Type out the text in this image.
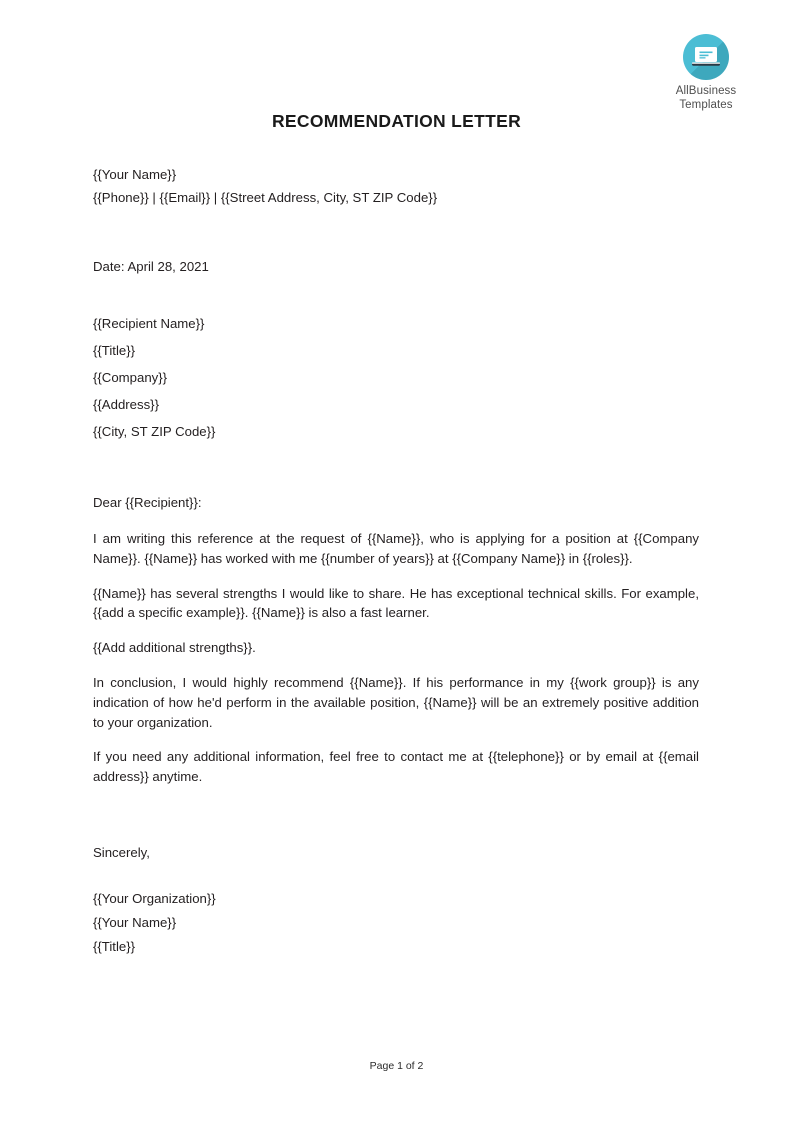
AllBusiness
Templates
RECOMMENDATION LETTER

{{Your Name}}

{{Phone}} | {{Email}} | {{Street Address, City, ST ZIP Code}}

Date: April 28, 2021

{{Recipient Name}}

{{Title}}

{{Company}}

{{Address}}

{{City, ST ZIP Code}}

Dear {{Recipient}}:

I am writing this reference at the request of {{Name}}, who is applying for a position at {{Company Name}}. {{Name}} has worked with me {{number of years}} at {{Company Name}} in {{roles}}.

{{Name}} has several strengths I would like to share. He has exceptional technical skills. For example, {{add a specific example}}. {{Name}} is also a fast learner.

{{Add additional strengths}}.

In conclusion, I would highly recommend {{Name}}. If his performance in my {{work group}} is any indication of how he'd perform in the available position, {{Name}} will be an extremely positive addition to your organization.

If you need any additional information, feel free to contact me at {{telephone}} or by email at {{email address}} anytime.

Sincerely,

{{Your Organization}}

{{Your Name}}

{{Title}}

Page 1 of 2
